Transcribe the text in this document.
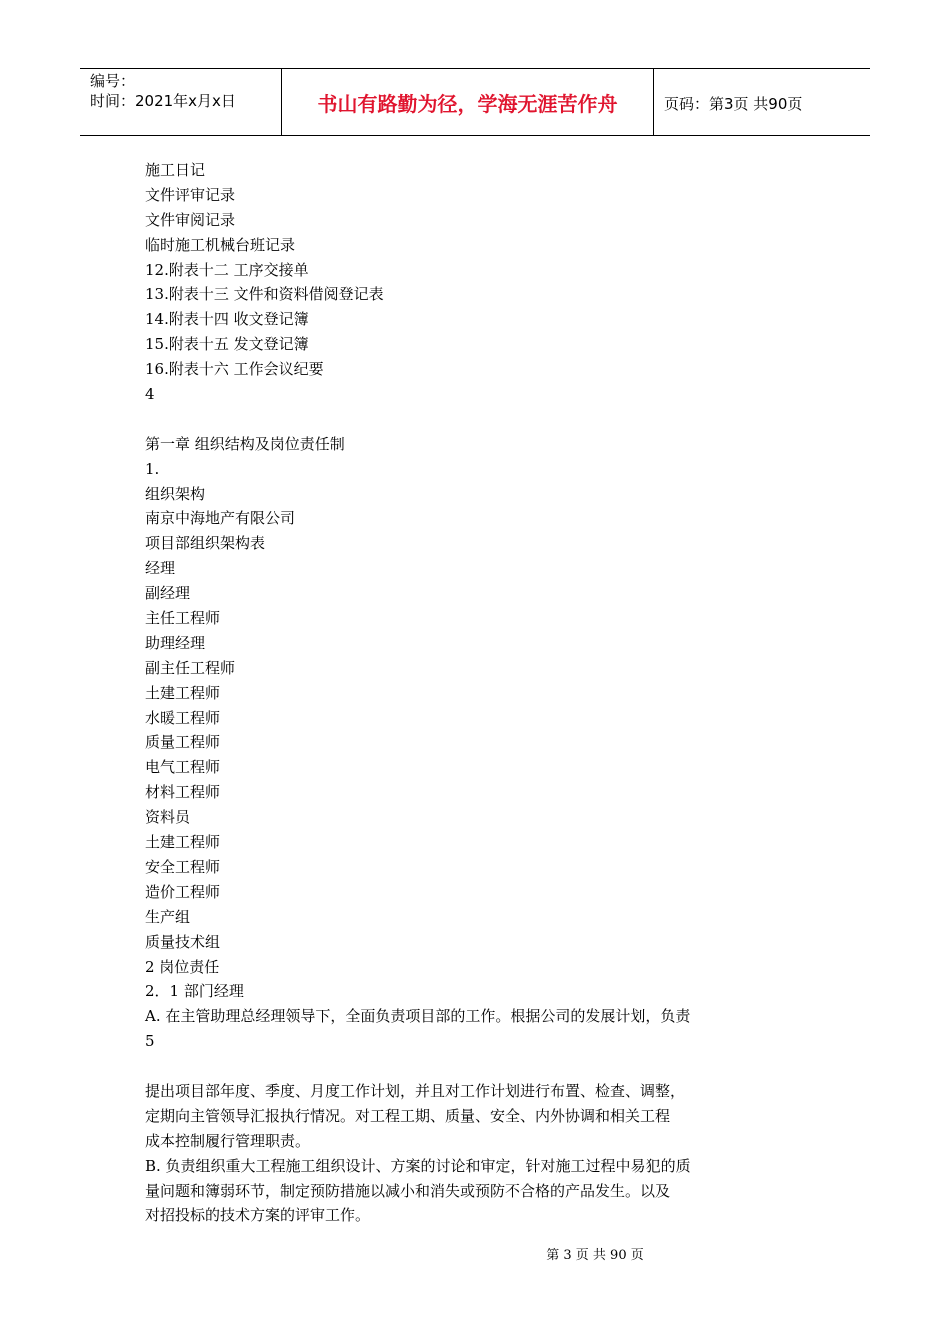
编号：
时间：2021年x月x日	书山有路勤为径，学海无涯苦作舟	页码：第3页 共90页
施工日记
文件评审记录
文件审阅记录
临时施工机械台班记录
12.附表十二 工序交接单
13.附表十三 文件和资料借阅登记表
14.附表十四 收文登记簿
15.附表十五 发文登记簿
16.附表十六 工作会议纪要
4
第一章 组织结构及岗位责任制
1.
组织架构
南京中海地产有限公司
项目部组织架构表
经理
副经理
主任工程师
助理经理
副主任工程师
土建工程师
水暖工程师
质量工程师
电气工程师
材料工程师
资料员
土建工程师
安全工程师
造价工程师
生产组
质量技术组
2 岗位责任
2．1 部门经理
A. 在主管助理总经理领导下，全面负责项目部的工作。根据公司的发展计划，负责
5
提出项目部年度、季度、月度工作计划，并且对工作计划进行布置、检查、调整，
定期向主管领导汇报执行情况。对工程工期、质量、安全、内外协调和相关工程
成本控制履行管理职责。
B. 负责组织重大工程施工组织设计、方案的讨论和审定，针对施工过程中易犯的质
量问题和簿弱环节，制定预防措施以减小和消失或预防不合格的产品发生。以及
对招投标的技术方案的评审工作。
第 3 页 共 90 页
